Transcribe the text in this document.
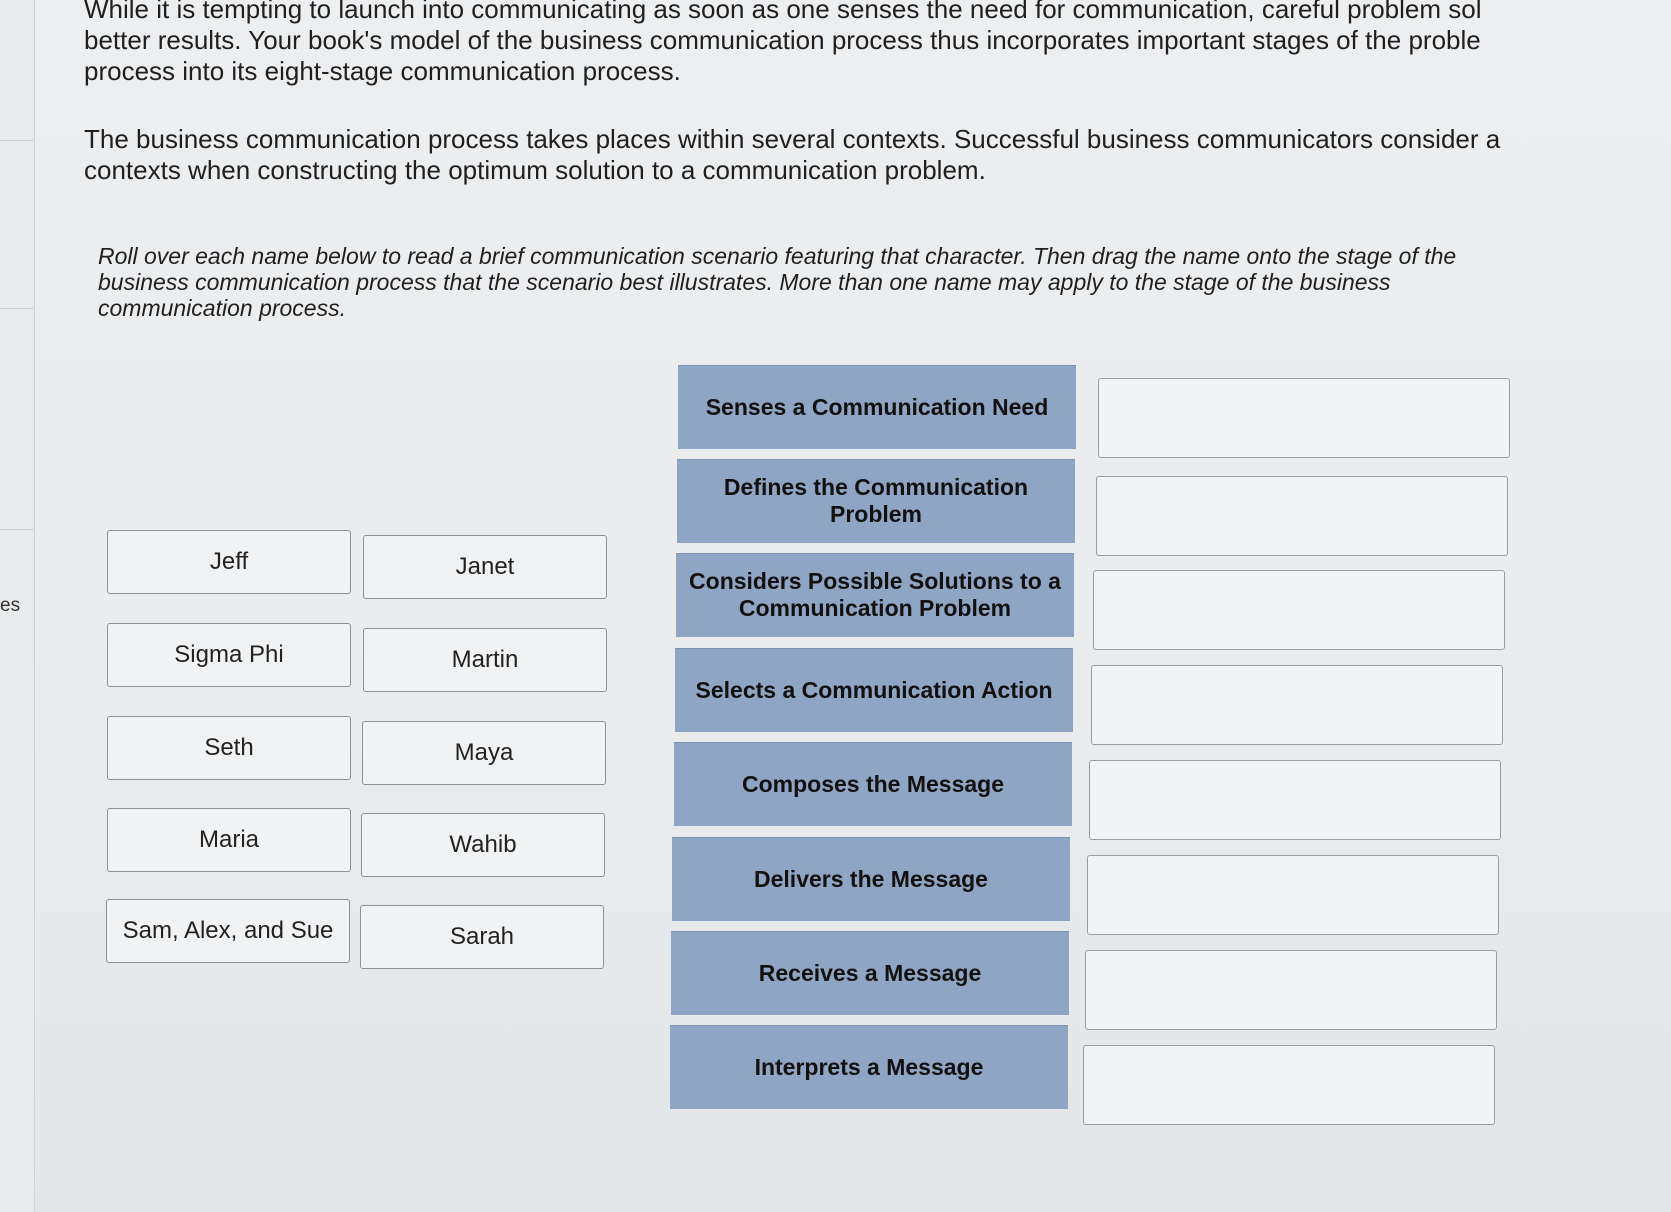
es
While it is tempting to launch into communicating as soon as one senses the need for communication, careful problem sol
better results. Your book's model of the business communication process thus incorporates important stages of the proble
process into its eight-stage communication process.
The business communication process takes places within several contexts. Successful business communicators consider a
contexts when constructing the optimum solution to a communication problem.

Roll over each name below to read a brief communication scenario featuring that character. Then drag the name onto the stage of the business communication process that the scenario best illustrates. More than one name may apply to the stage of the business communication process.

Jeff	Janet
Sigma Phi	Martin
Seth	Maya
Maria	Wahib
Sam, Alex, and Sue	Sarah
Senses a Communication Need
Defines the Communication Problem
Considers Possible Solutions to a Communication Problem
Selects a Communication Action
Composes the Message
Delivers the Message
Receives a Message
Interprets a Message
